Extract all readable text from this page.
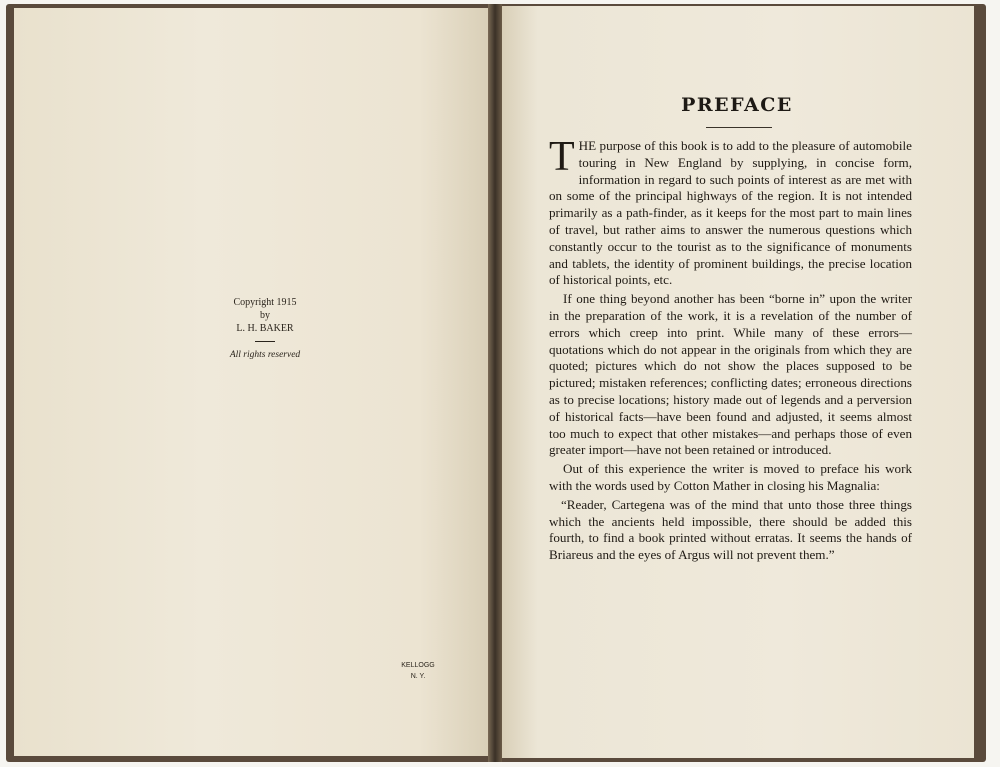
Copyright 1915
by
L. H. BAKER
All rights reserved
KELLOGG
N. Y.
PREFACE

THE purpose of this book is to add to the pleasure of automobile touring in New England by supplying, in concise form, information in regard to such points of interest as are met with on some of the principal highways of the region. It is not intended primarily as a path-finder, as it keeps for the most part to main lines of travel, but rather aims to answer the numerous questions which constantly occur to the tourist as to the significance of monuments and tablets, the identity of prominent buildings, the precise location of historical points, etc.

If one thing beyond another has been “borne in” upon the writer in the preparation of the work, it is a revelation of the number of errors which creep into print. While many of these errors—quotations which do not appear in the originals from which they are quoted; pictures which do not show the places supposed to be pictured; mistaken references; conflicting dates; erroneous directions as to precise locations; history made out of legends and a perversion of historical facts—have been found and adjusted, it seems almost too much to expect that other mistakes—and perhaps those of even greater import—have not been retained or introduced.

Out of this experience the writer is moved to preface his work with the words used by Cotton Mather in closing his Magnalia:

“Reader, Cartegena was of the mind that unto those three things which the ancients held impossible, there should be added this fourth, to find a book printed without erratas. It seems the hands of Briareus and the eyes of Argus will not prevent them.”
